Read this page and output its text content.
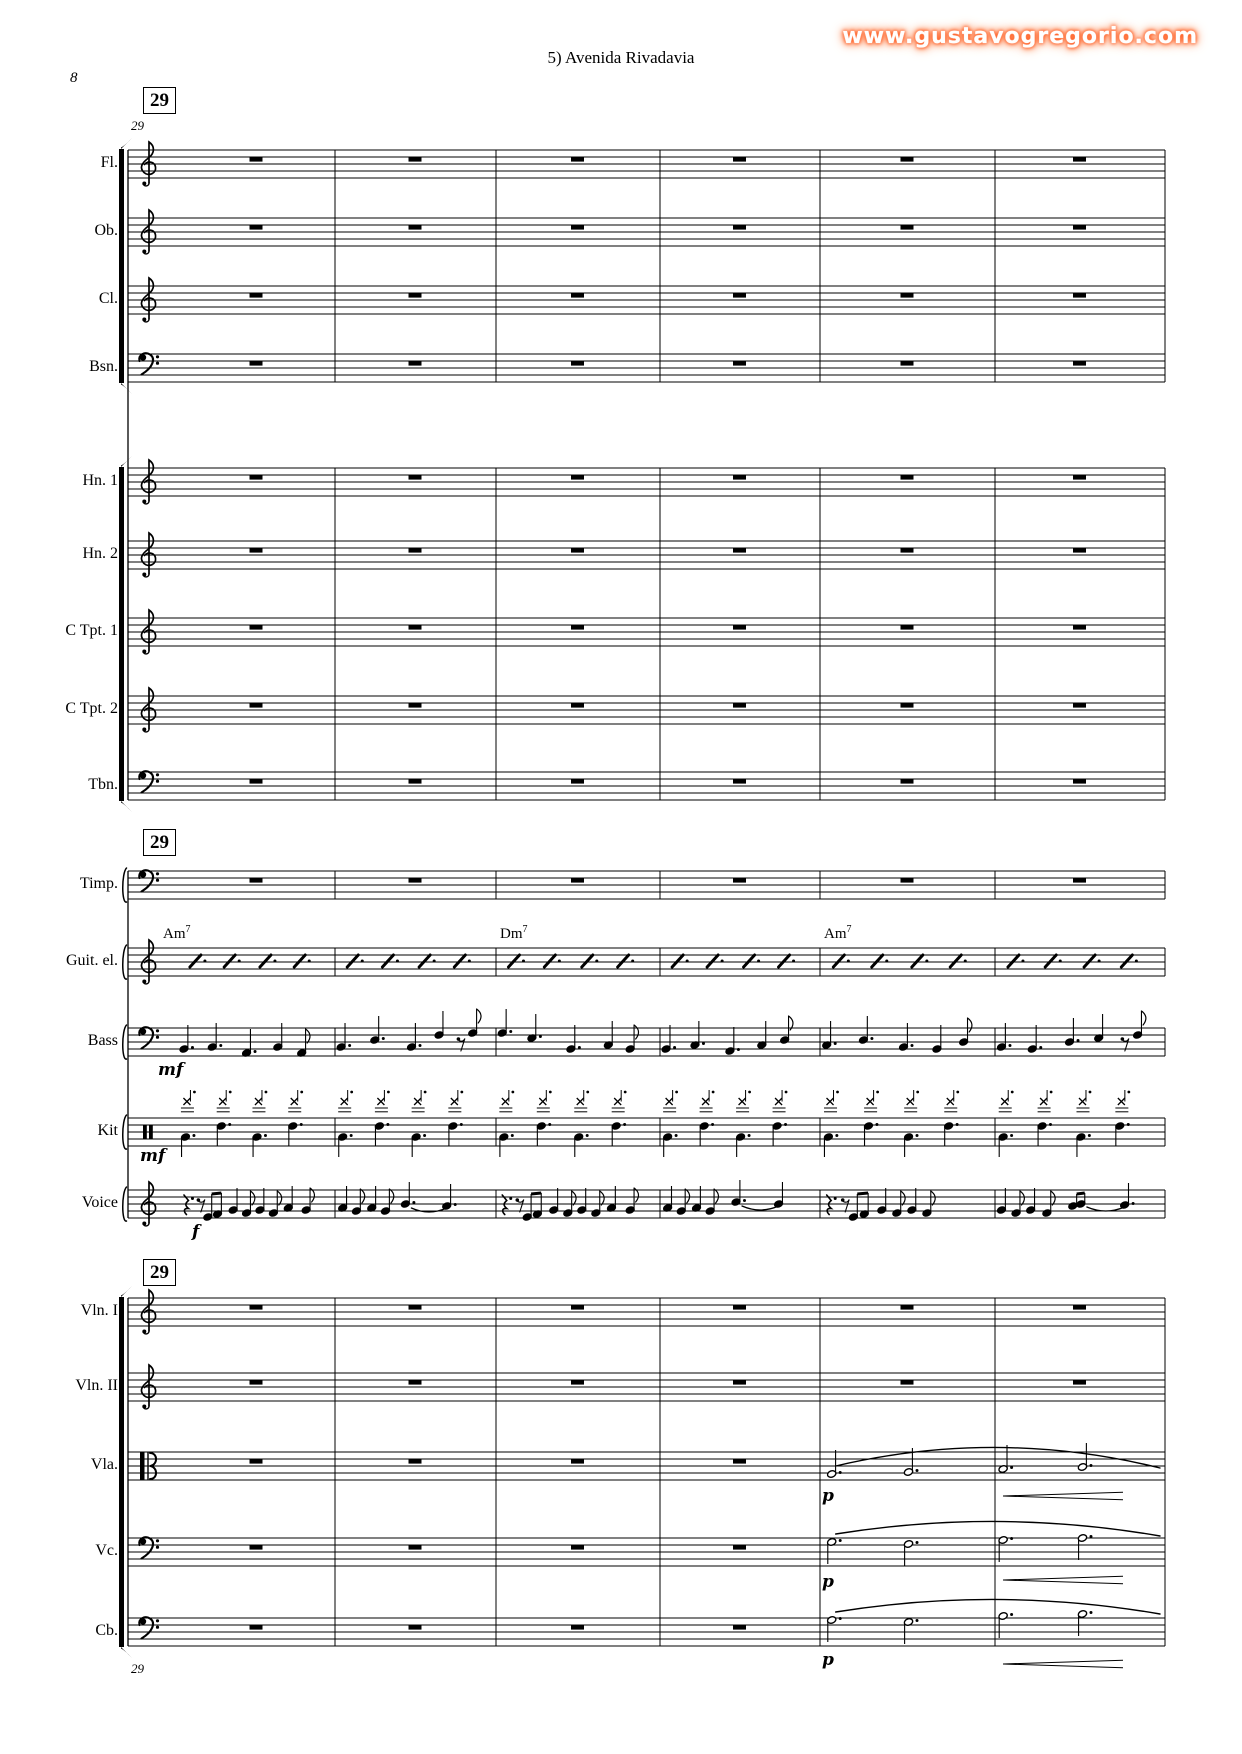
8
5) Avenida Rivadavia
www.gustavogregorio.com
29
29
29
29
29
Fl.
Ob.
Cl.
Bsn.
Hn. 1
Hn. 2
C Tpt. 1
C Tpt. 2
Tbn.
Timp.
Guit. el.
Bass
Kit
Voice
Vln. I
Vln. II
Vla.
Vc.
Cb.
Am$^7$	Dm$^7$	Am$^7$
mf
mf
f
p
p
p
